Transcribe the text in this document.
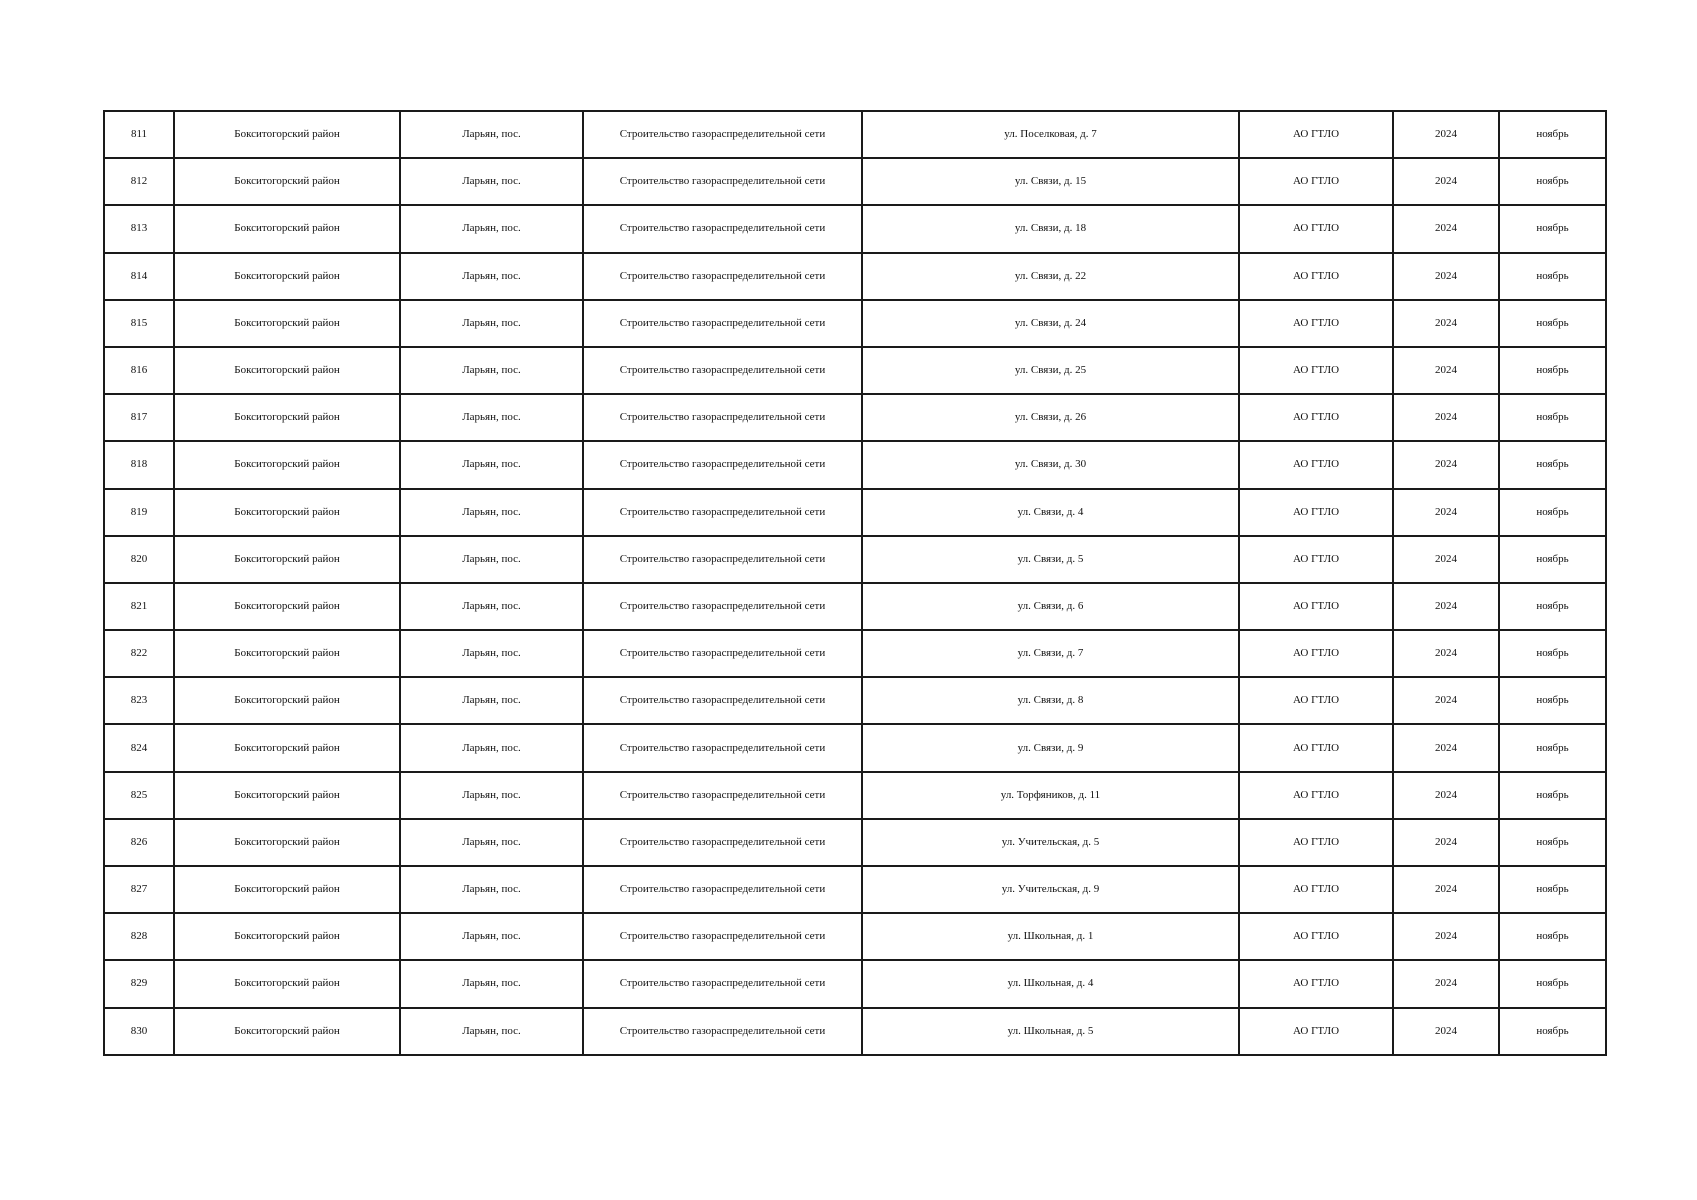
811	Бокситогорский район	Ларьян, пос.	Строительство газораспределительной сети	ул. Поселковая, д. 7	АО ГТЛО	2024	ноябрь
812	Бокситогорский район	Ларьян, пос.	Строительство газораспределительной сети	ул. Связи, д. 15	АО ГТЛО	2024	ноябрь
813	Бокситогорский район	Ларьян, пос.	Строительство газораспределительной сети	ул. Связи, д. 18	АО ГТЛО	2024	ноябрь
814	Бокситогорский район	Ларьян, пос.	Строительство газораспределительной сети	ул. Связи, д. 22	АО ГТЛО	2024	ноябрь
815	Бокситогорский район	Ларьян, пос.	Строительство газораспределительной сети	ул. Связи, д. 24	АО ГТЛО	2024	ноябрь
816	Бокситогорский район	Ларьян, пос.	Строительство газораспределительной сети	ул. Связи, д. 25	АО ГТЛО	2024	ноябрь
817	Бокситогорский район	Ларьян, пос.	Строительство газораспределительной сети	ул. Связи, д. 26	АО ГТЛО	2024	ноябрь
818	Бокситогорский район	Ларьян, пос.	Строительство газораспределительной сети	ул. Связи, д. 30	АО ГТЛО	2024	ноябрь
819	Бокситогорский район	Ларьян, пос.	Строительство газораспределительной сети	ул. Связи, д. 4	АО ГТЛО	2024	ноябрь
820	Бокситогорский район	Ларьян, пос.	Строительство газораспределительной сети	ул. Связи, д. 5	АО ГТЛО	2024	ноябрь
821	Бокситогорский район	Ларьян, пос.	Строительство газораспределительной сети	ул. Связи, д. 6	АО ГТЛО	2024	ноябрь
822	Бокситогорский район	Ларьян, пос.	Строительство газораспределительной сети	ул. Связи, д. 7	АО ГТЛО	2024	ноябрь
823	Бокситогорский район	Ларьян, пос.	Строительство газораспределительной сети	ул. Связи, д. 8	АО ГТЛО	2024	ноябрь
824	Бокситогорский район	Ларьян, пос.	Строительство газораспределительной сети	ул. Связи, д. 9	АО ГТЛО	2024	ноябрь
825	Бокситогорский район	Ларьян, пос.	Строительство газораспределительной сети	ул. Торфяников, д. 11	АО ГТЛО	2024	ноябрь
826	Бокситогорский район	Ларьян, пос.	Строительство газораспределительной сети	ул. Учительская, д. 5	АО ГТЛО	2024	ноябрь
827	Бокситогорский район	Ларьян, пос.	Строительство газораспределительной сети	ул. Учительская, д. 9	АО ГТЛО	2024	ноябрь
828	Бокситогорский район	Ларьян, пос.	Строительство газораспределительной сети	ул. Школьная, д. 1	АО ГТЛО	2024	ноябрь
829	Бокситогорский район	Ларьян, пос.	Строительство газораспределительной сети	ул. Школьная, д. 4	АО ГТЛО	2024	ноябрь
830	Бокситогорский район	Ларьян, пос.	Строительство газораспределительной сети	ул. Школьная, д. 5	АО ГТЛО	2024	ноябрь
